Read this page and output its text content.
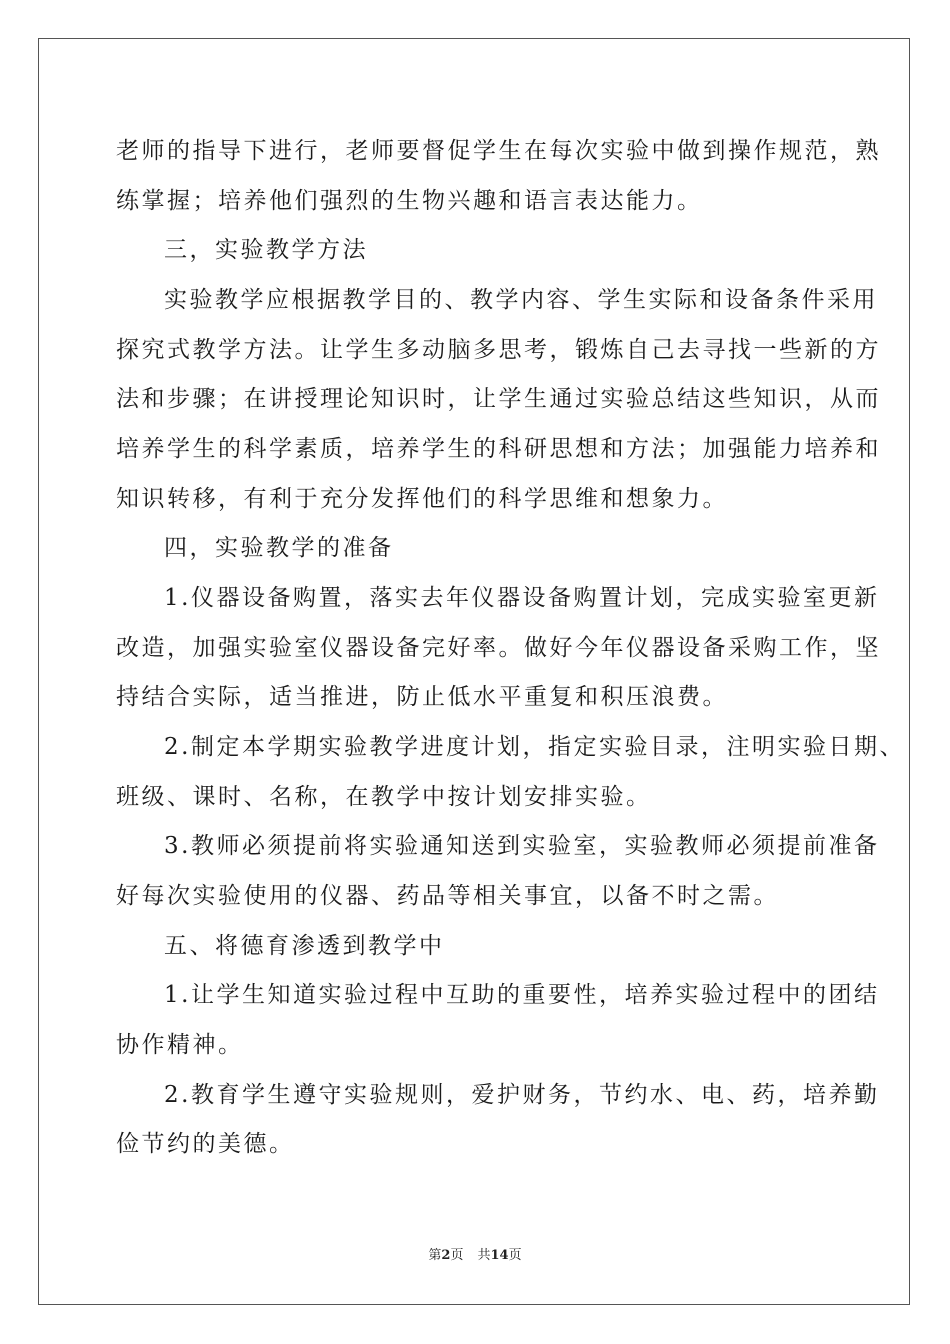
老师的指导下进行，老师要督促学生在每次实验中做到操作规范，熟
练掌握；培养他们强烈的生物兴趣和语言表达能力。
三，实验教学方法
实验教学应根据教学目的、教学内容、学生实际和设备条件采用
探究式教学方法。让学生多动脑多思考，锻炼自己去寻找一些新的方
法和步骤；在讲授理论知识时，让学生通过实验总结这些知识，从而
培养学生的科学素质，培养学生的科研思想和方法；加强能力培养和
知识转移，有利于充分发挥他们的科学思维和想象力。
四，实验教学的准备
1.仪器设备购置，落实去年仪器设备购置计划，完成实验室更新
改造，加强实验室仪器设备完好率。做好今年仪器设备采购工作，坚
持结合实际，适当推进，防止低水平重复和积压浪费。
2.制定本学期实验教学进度计划，指定实验目录，注明实验日期、
班级、课时、名称，在教学中按计划安排实验。
3.教师必须提前将实验通知送到实验室，实验教师必须提前准备
好每次实验使用的仪器、药品等相关事宜，以备不时之需。
五、将德育渗透到教学中
1.让学生知道实验过程中互助的重要性，培养实验过程中的团结
协作精神。
2.教育学生遵守实验规则，爱护财务，节约水、电、药，培养勤
俭节约的美德。
第2页 共14页
